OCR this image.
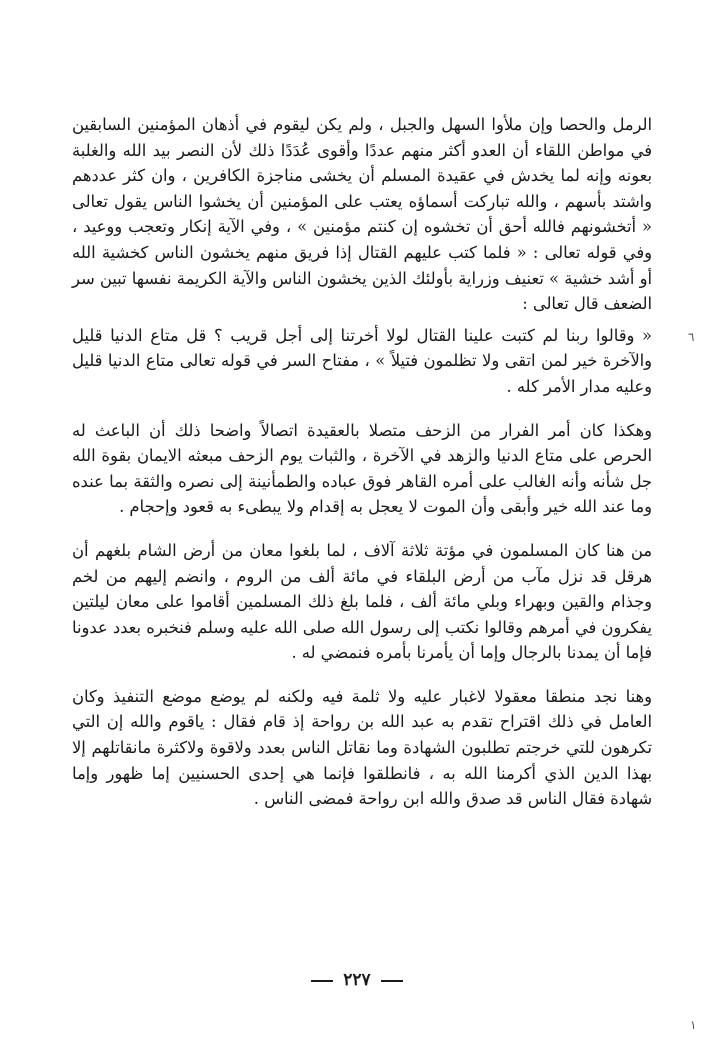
الرمل والحصا وإن ملأوا السهل والجبل ، ولم يكن ليقوم في أذهان المؤمنين السابقين في مواطن اللقاء أن العدو أكثر منهم عددًا وأقوى عُدَدًا ذلك لأن النصر بيد الله والغلبة بعونه وإنه لما يخدش في عقيدة المسلم أن يخشى مناجزة الكافرين ، وان كثر عددهم واشتد بأسهم ، والله تباركت أسماؤه يعتب على المؤمنين أن يخشوا الناس يقول تعالى « أتخشونهم فالله أحق أن تخشوه إن كنتم مؤمنين » ، وفي الآية إنكار وتعجب ووعيد ، وفي قوله تعالى : « فلما كتب عليهم القتال إذا فريق منهم يخشون الناس كخشية الله أو أشد خشية » تعنيف وزراية بأولئك الذين يخشون الناس والآية الكريمة نفسها تبين سر الضعف قال تعالى :

« وقالوا ربنا لم كتبت علينا القتال لولا أخرتنا إلى أجل قريب ؟ قل متاع الدنيا قليل والآخرة خير لمن اتقى ولا تظلمون فتيلاً » ، مفتاح السر في قوله تعالى متاع الدنيا قليل وعليه مدار الأمر كله .

وهكذا كان أمر الفرار من الزحف متصلا بالعقيدة اتصالاً واضحا ذلك أن الباعث له الحرص على متاع الدنيا والزهد في الآخرة ، والثبات يوم الزحف مبعثه الايمان بقوة الله جل شأنه وأنه الغالب على أمره القاهر فوق عباده والطمأنينة إلى نصره والثقة بما عنده وما عند الله خير وأبقى وأن الموت لا يعجل به إقدام ولا يبطىء به قعود وإحجام .

من هنا كان المسلمون في مؤتة ثلاثة آلاف ، لما بلغوا معان من أرض الشام بلغهم أن هرقل قد نزل مآب من أرض البلقاء في مائة ألف من الروم ، وانضم إليهم من لخم وجذام والقين وبهراء وبلي مائة ألف ، فلما بلغ ذلك المسلمين أقاموا على معان ليلتين يفكرون في أمرهم وقالوا نكتب إلى رسول الله صلى الله عليه وسلم فنخبره بعدد عدونا فإما أن يمدنا بالرجال وإما أن يأمرنا بأمره فنمضي له .

وهنا نجد منطقا معقولا لاغبار عليه ولا ثلمة فيه ولكنه لم يوضع موضع التنفيذ وكان العامل في ذلك اقتراح تقدم به عبد الله بن رواحة إذ قام فقال : ياقوم والله إن التي تكرهون للتي خرجتم تطلبون الشهادة وما نقاتل الناس بعدد ولاقوة ولاكثرة مانقاتلهم إلا بهذا الدين الذي أكرمنا الله به ، فانطلقوا فإنما هي إحدى الحسنيين إما ظهور وإما شهادة فقال الناس قد صدق والله ابن رواحة فمضى الناس .

٢٢٧
٦
١
